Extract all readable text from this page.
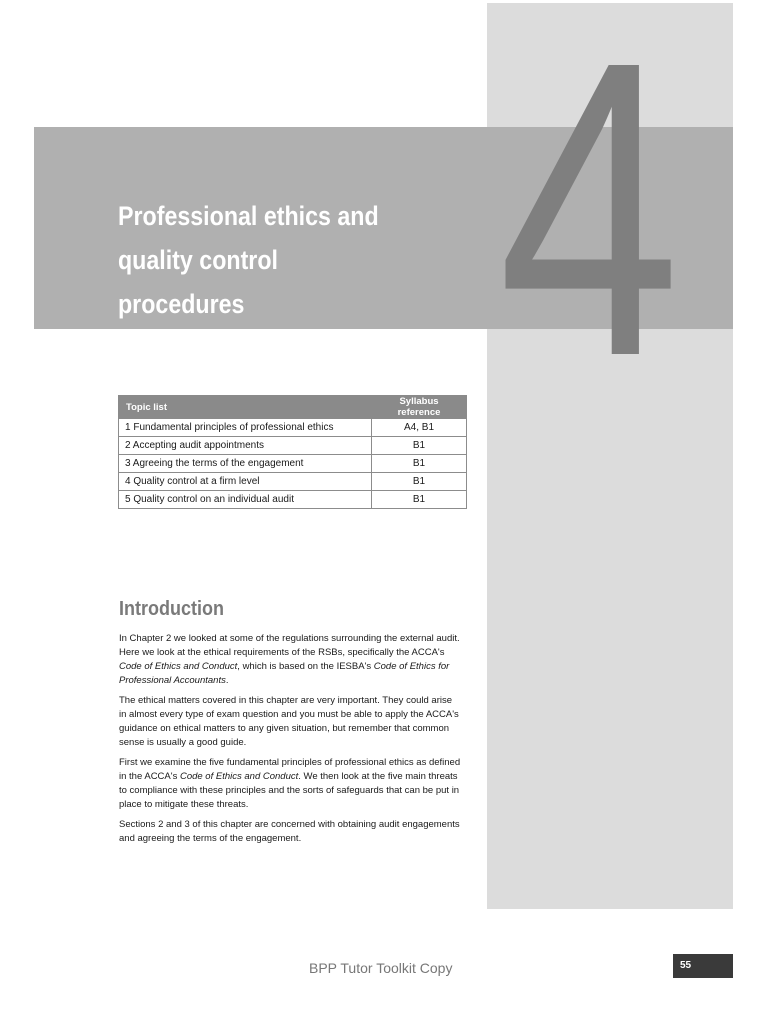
4
Professional ethics and
quality control
procedures
Topic list	Syllabus reference
1 Fundamental principles of professional ethics	A4, B1
2 Accepting audit appointments	B1
3 Agreeing the terms of the engagement	B1
4 Quality control at a firm level	B1
5 Quality control on an individual audit	B1
Introduction

In Chapter 2 we looked at some of the regulations surrounding the external audit. Here we look at the ethical requirements of the RSBs, specifically the ACCA's Code of Ethics and Conduct, which is based on the IESBA's Code of Ethics for Professional Accountants.

The ethical matters covered in this chapter are very important. They could arise in almost every type of exam question and you must be able to apply the ACCA's guidance on ethical matters to any given situation, but remember that common sense is usually a good guide.

First we examine the five fundamental principles of professional ethics as defined in the ACCA's Code of Ethics and Conduct. We then look at the five main threats to compliance with these principles and the sorts of safeguards that can be put in place to mitigate these threats.

Sections 2 and 3 of this chapter are concerned with obtaining audit engagements and agreeing the terms of the engagement.

BPP Tutor Toolkit Copy	55
